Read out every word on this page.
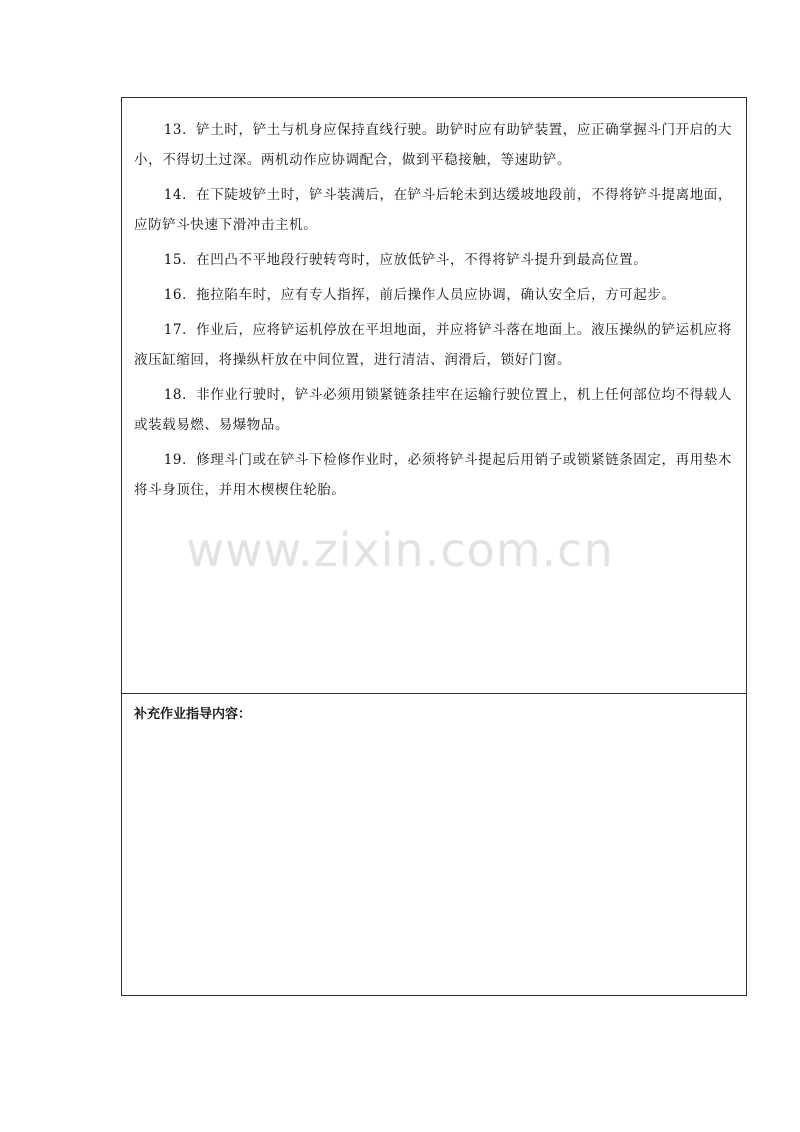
13．铲土时，铲土与机身应保持直线行驶。助铲时应有助铲装置，应正确掌握斗门开启的大小，不得切土过深。两机动作应协调配合，做到平稳接触，等速助铲。
14．在下陡坡铲土时，铲斗装满后，在铲斗后轮未到达缓坡地段前，不得将铲斗提离地面，应防铲斗快速下滑冲击主机。
15．在凹凸不平地段行驶转弯时，应放低铲斗，不得将铲斗提升到最高位置。
16．拖拉陷车时，应有专人指挥，前后操作人员应协调，确认安全后，方可起步。
17．作业后，应将铲运机停放在平坦地面，并应将铲斗落在地面上。液压操纵的铲运机应将液压缸缩回，将操纵杆放在中间位置，进行清洁、润滑后，锁好门窗。
18．非作业行驶时，铲斗必须用锁紧链条挂牢在运输行驶位置上，机上任何部位均不得载人或装载易燃、易爆物品。
19．修理斗门或在铲斗下检修作业时，必须将铲斗提起后用销子或锁紧链条固定，再用垫木将斗身顶住，并用木楔楔住轮胎。

补充作业指导内容：

www.zixin.com.cn
